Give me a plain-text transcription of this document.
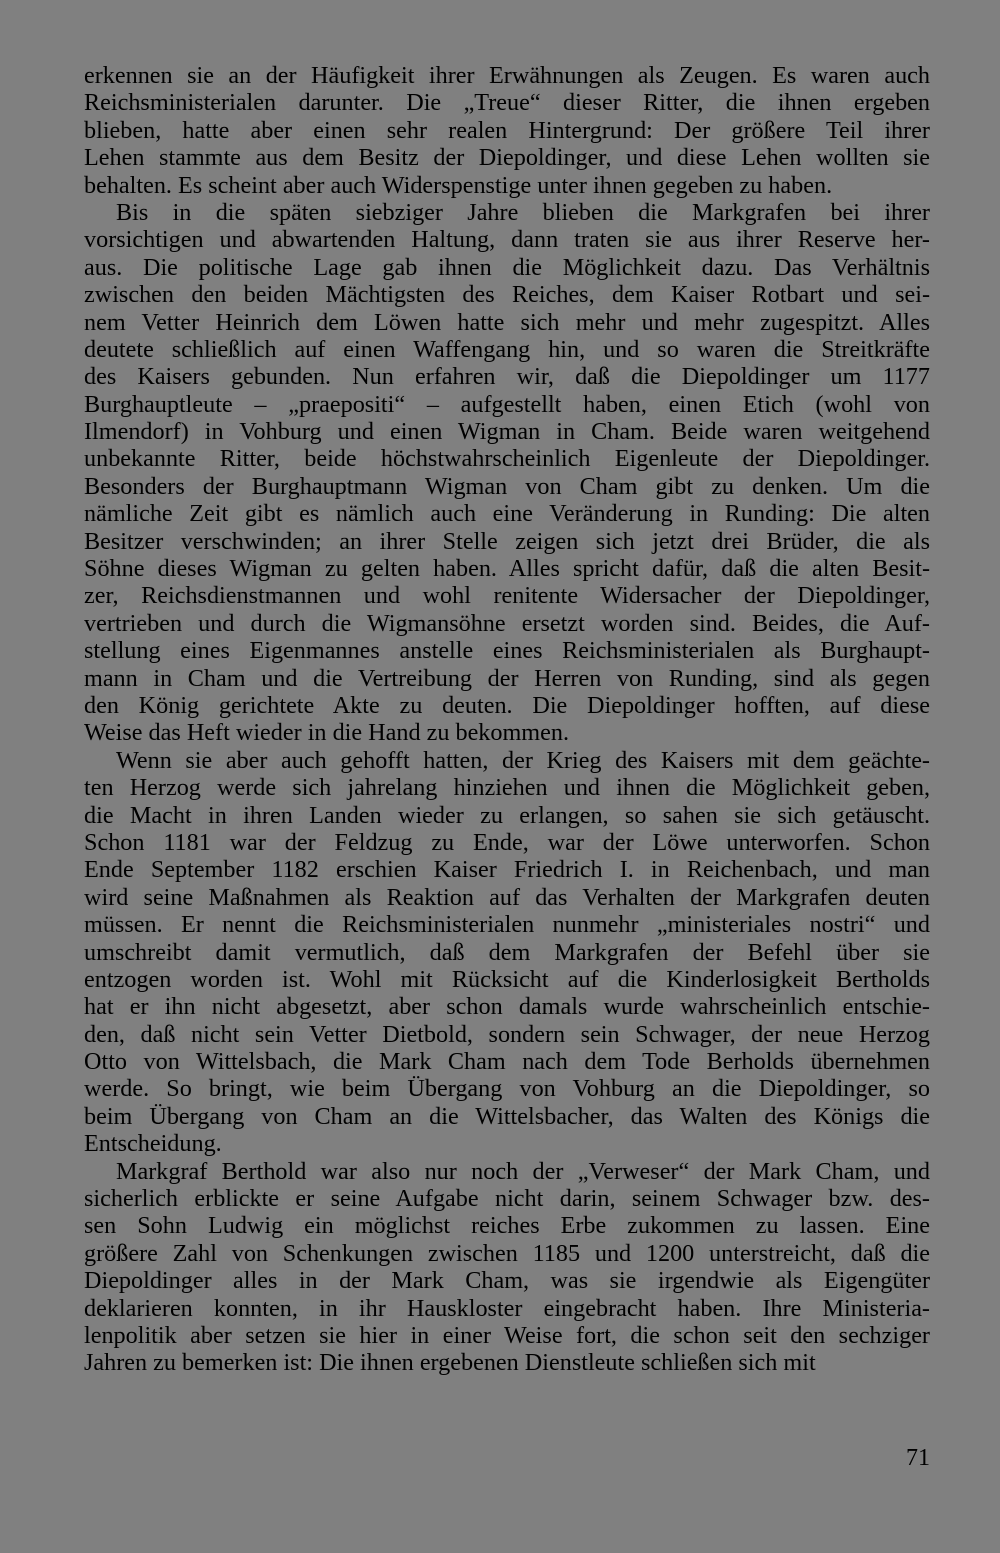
erkennen sie an der Häufigkeit ihrer Erwähnungen als Zeugen. Es waren auch
Reichsministerialen darunter. Die „Treue“ dieser Ritter, die ihnen ergeben
blieben, hatte aber einen sehr realen Hintergrund: Der größere Teil ihrer
Lehen stammte aus dem Besitz der Diepoldinger, und diese Lehen wollten sie
behalten. Es scheint aber auch Widerspenstige unter ihnen gegeben zu haben.
Bis in die späten siebziger Jahre blieben die Markgrafen bei ihrer
vorsichtigen und abwartenden Haltung, dann traten sie aus ihrer Reserve her-
aus. Die politische Lage gab ihnen die Möglichkeit dazu. Das Verhältnis
zwischen den beiden Mächtigsten des Reiches, dem Kaiser Rotbart und sei-
nem Vetter Heinrich dem Löwen hatte sich mehr und mehr zugespitzt. Alles
deutete schließlich auf einen Waffengang hin, und so waren die Streitkräfte
des Kaisers gebunden. Nun erfahren wir, daß die Diepoldinger um 1177
Burghauptleute – „praepositi“ – aufgestellt haben, einen Etich (wohl von
Ilmendorf) in Vohburg und einen Wigman in Cham. Beide waren weitgehend
unbekannte Ritter, beide höchstwahrscheinlich Eigenleute der Diepoldinger.
Besonders der Burghauptmann Wigman von Cham gibt zu denken. Um die
nämliche Zeit gibt es nämlich auch eine Veränderung in Runding: Die alten
Besitzer verschwinden; an ihrer Stelle zeigen sich jetzt drei Brüder, die als
Söhne dieses Wigman zu gelten haben. Alles spricht dafür, daß die alten Besit-
zer, Reichsdienstmannen und wohl renitente Widersacher der Diepoldinger,
vertrieben und durch die Wigmansöhne ersetzt worden sind. Beides, die Auf-
stellung eines Eigenmannes anstelle eines Reichsministerialen als Burghaupt-
mann in Cham und die Vertreibung der Herren von Runding, sind als gegen
den König gerichtete Akte zu deuten. Die Diepoldinger hofften, auf diese
Weise das Heft wieder in die Hand zu bekommen.
Wenn sie aber auch gehofft hatten, der Krieg des Kaisers mit dem geächte-
ten Herzog werde sich jahrelang hinziehen und ihnen die Möglichkeit geben,
die Macht in ihren Landen wieder zu erlangen, so sahen sie sich getäuscht.
Schon 1181 war der Feldzug zu Ende, war der Löwe unterworfen. Schon
Ende September 1182 erschien Kaiser Friedrich I. in Reichenbach, und man
wird seine Maßnahmen als Reaktion auf das Verhalten der Markgrafen deuten
müssen. Er nennt die Reichsministerialen nunmehr „ministeriales nostri“ und
umschreibt damit vermutlich, daß dem Markgrafen der Befehl über sie
entzogen worden ist. Wohl mit Rücksicht auf die Kinderlosigkeit Bertholds
hat er ihn nicht abgesetzt, aber schon damals wurde wahrscheinlich entschie-
den, daß nicht sein Vetter Dietbold, sondern sein Schwager, der neue Herzog
Otto von Wittelsbach, die Mark Cham nach dem Tode Berholds übernehmen
werde. So bringt, wie beim Übergang von Vohburg an die Diepoldinger, so
beim Übergang von Cham an die Wittelsbacher, das Walten des Königs die
Entscheidung.
Markgraf Berthold war also nur noch der „Verweser“ der Mark Cham, und
sicherlich erblickte er seine Aufgabe nicht darin, seinem Schwager bzw. des-
sen Sohn Ludwig ein möglichst reiches Erbe zukommen zu lassen. Eine
größere Zahl von Schenkungen zwischen 1185 und 1200 unterstreicht, daß die
Diepoldinger alles in der Mark Cham, was sie irgendwie als Eigengüter
deklarieren konnten, in ihr Hauskloster eingebracht haben. Ihre Ministeria-
lenpolitik aber setzen sie hier in einer Weise fort, die schon seit den sechziger
Jahren zu bemerken ist: Die ihnen ergebenen Dienstleute schließen sich mit
71
